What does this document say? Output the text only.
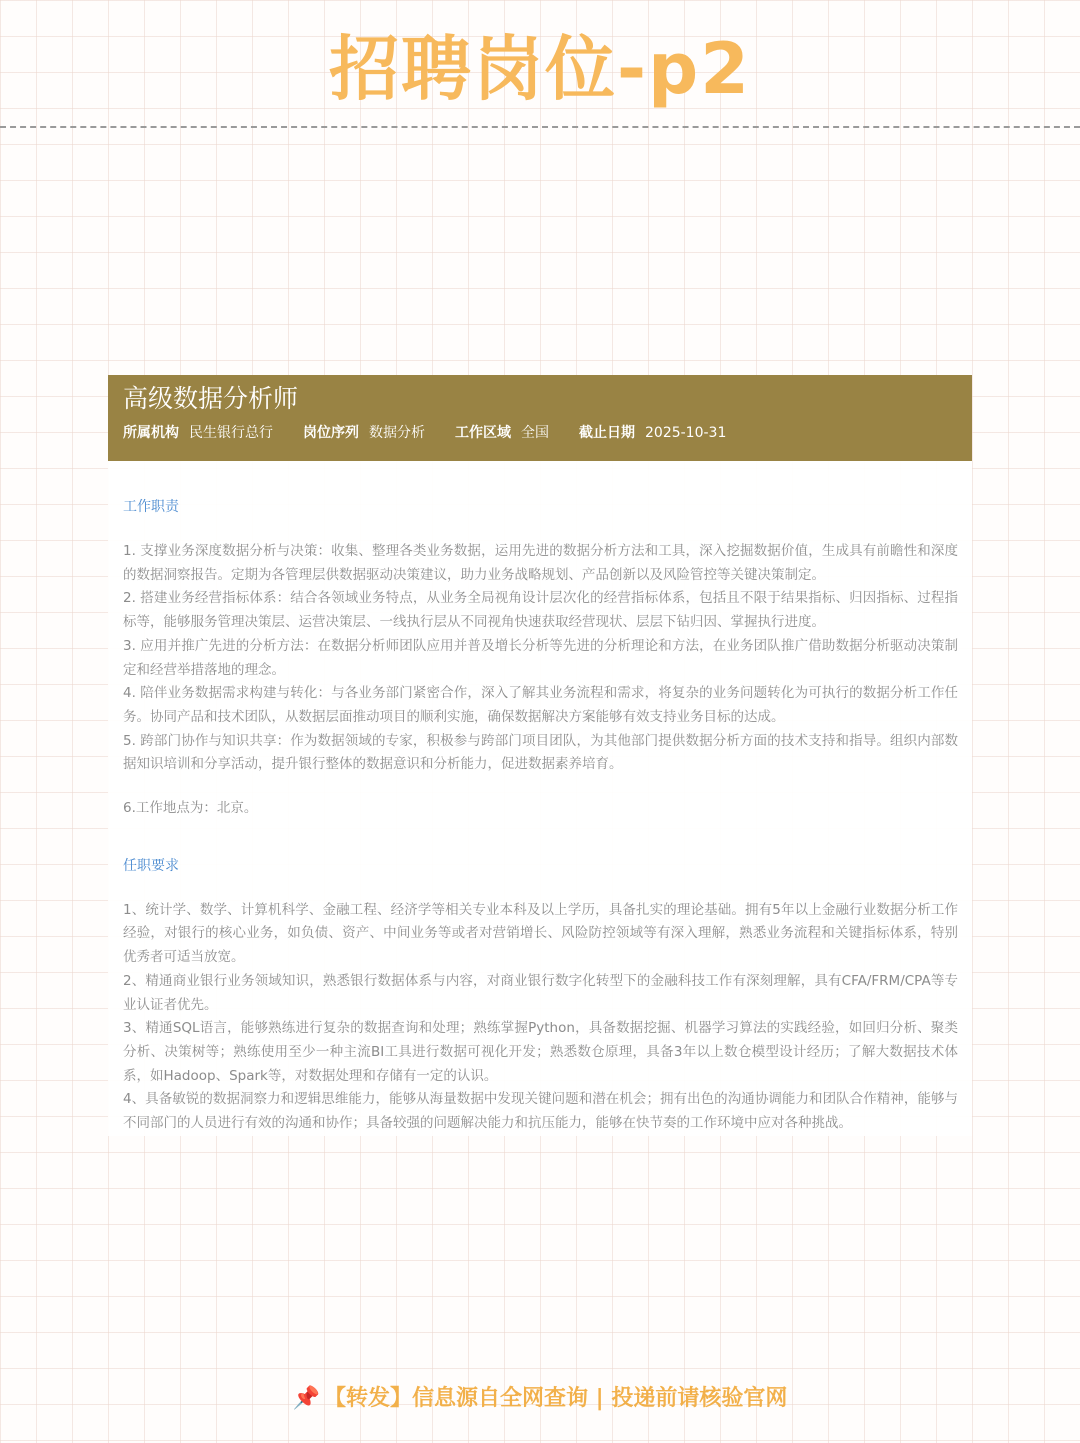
招聘岗位-p2
高级数据分析师
所属机构 民生银行总行 岗位序列 数据分析 工作区域 全国 截止日期 2025-10-31
工作职责

1. 支撑业务深度数据分析与决策：收集、整理各类业务数据，运用先进的数据分析方法和工具，深入挖掘数据价值，生成具有前瞻性和深度的数据洞察报告。定期为各管理层供数据驱动决策建议，助力业务战略规划、产品创新以及风险管控等关键决策制定。

2. 搭建业务经营指标体系：结合各领域业务特点，从业务全局视角设计层次化的经营指标体系，包括且不限于结果指标、归因指标、过程指标等，能够服务管理决策层、运营决策层、一线执行层从不同视角快速获取经营现状、层层下钻归因、掌握执行进度。

3. 应用并推广先进的分析方法：在数据分析师团队应用并普及增长分析等先进的分析理论和方法，在业务团队推广借助数据分析驱动决策制定和经营举措落地的理念。

4. 陪伴业务数据需求构建与转化：与各业务部门紧密合作，深入了解其业务流程和需求，将复杂的业务问题转化为可执行的数据分析工作任务。协同产品和技术团队，从数据层面推动项目的顺利实施，确保数据解决方案能够有效支持业务目标的达成。

5. 跨部门协作与知识共享：作为数据领域的专家，积极参与跨部门项目团队，为其他部门提供数据分析方面的技术支持和指导。组织内部数据知识培训和分享活动，提升银行整体的数据意识和分析能力，促进数据素养培育。

6.工作地点为：北京。

任职要求

1、统计学、数学、计算机科学、金融工程、经济学等相关专业本科及以上学历，具备扎实的理论基础。拥有5年以上金融行业数据分析工作经验，对银行的核心业务，如负债、资产、中间业务等或者对营销增长、风险防控领域等有深入理解，熟悉业务流程和关键指标体系，特别优秀者可适当放宽。

2、精通商业银行业务领域知识，熟悉银行数据体系与内容，对商业银行数字化转型下的金融科技工作有深刻理解，具有CFA/FRM/CPA等专业认证者优先。

3、精通SQL语言，能够熟练进行复杂的数据查询和处理；熟练掌握Python，具备数据挖掘、机器学习算法的实践经验，如回归分析、聚类分析、决策树等；熟练使用至少一种主流BI工具进行数据可视化开发；熟悉数仓原理，具备3年以上数仓模型设计经历；了解大数据技术体系，如Hadoop、Spark等，对数据处理和存储有一定的认识。

4、具备敏锐的数据洞察力和逻辑思维能力，能够从海量数据中发现关键问题和潜在机会；拥有出色的沟通协调能力和团队合作精神，能够与不同部门的人员进行有效的沟通和协作；具备较强的问题解决能力和抗压能力，能够在快节奏的工作环境中应对各种挑战。

📌 【转发】信息源自全网查询 | 投递前请核验官网
